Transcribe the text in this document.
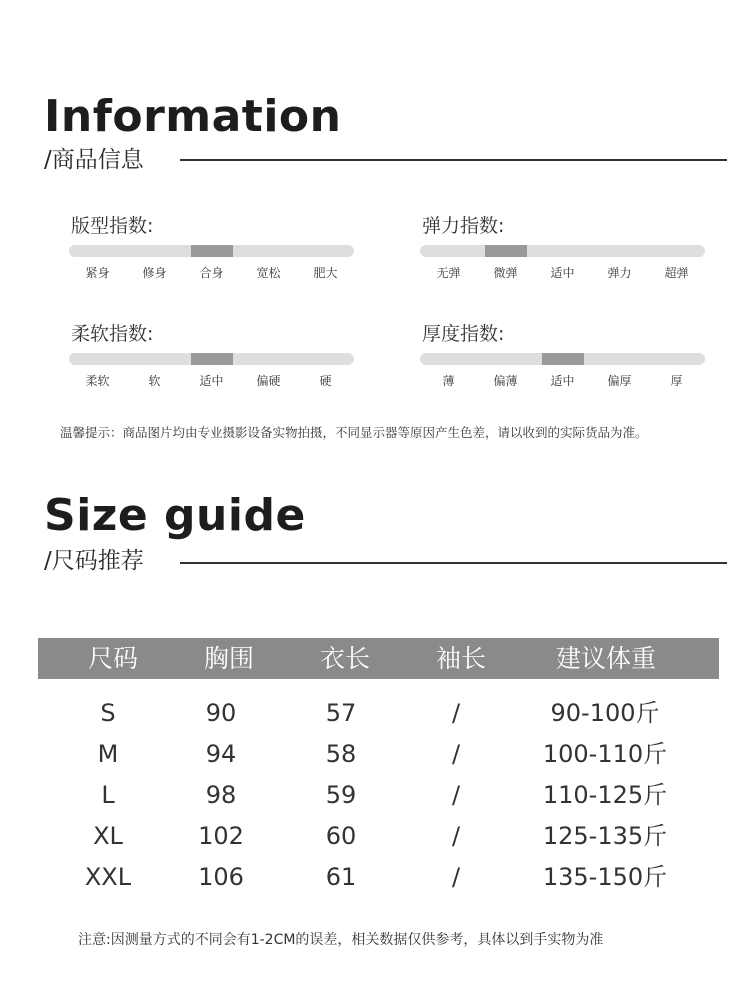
Information
/商品信息
版型指数:
紧身	修身	合身	宽松	肥大
弹力指数:
无弹	微弹	适中	弹力	超弹
柔软指数:
柔软	软	适中	偏硬	硬
厚度指数:
薄	偏薄	适中	偏厚	厚
温馨提示：商品图片均由专业摄影设备实物拍摄，不同显示器等原因产生色差，请以收到的实际货品为准。
Size guide
/尺码推荐
尺码	胸围	衣长	袖长	建议体重
S	90	57	/	90-100斤
M	94	58	/	100-110斤
L	98	59	/	110-125斤
XL	102	60	/	125-135斤
XXL	106	61	/	135-150斤
注意:因测量方式的不同会有1-2CM的误差，相关数据仅供参考，具体以到手实物为准
